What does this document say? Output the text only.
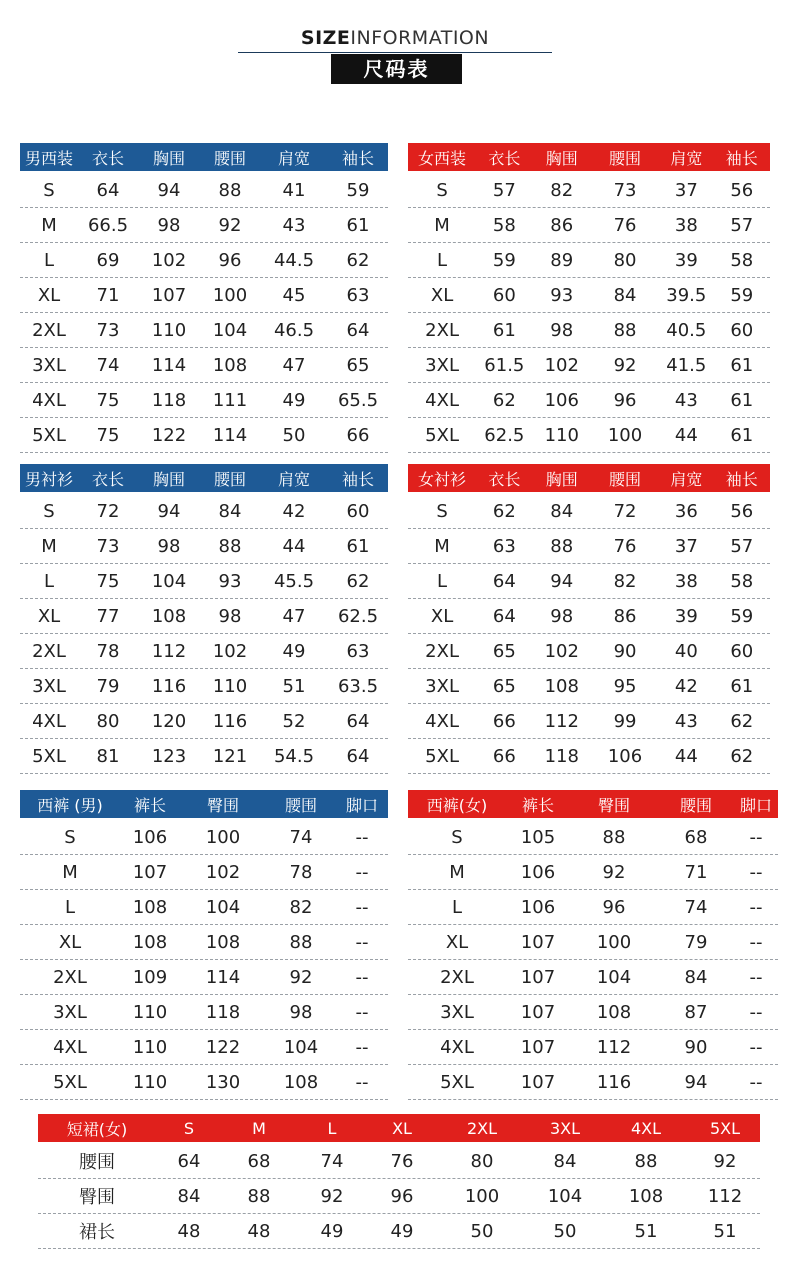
SIZEINFORMATION
尺码表
男西装	衣长	胸围	腰围	肩宽	袖长
S	64	94	88	41	59
M	66.5	98	92	43	61
L	69	102	96	44.5	62
XL	71	107	100	45	63
2XL	73	110	104	46.5	64
3XL	74	114	108	47	65
4XL	75	118	111	49	65.5
5XL	75	122	114	50	66
女西装	衣长	胸围	腰围	肩宽	袖长
S	57	82	73	37	56
M	58	86	76	38	57
L	59	89	80	39	58
XL	60	93	84	39.5	59
2XL	61	98	88	40.5	60
3XL	61.5	102	92	41.5	61
4XL	62	106	96	43	61
5XL	62.5	110	100	44	61
男衬衫	衣长	胸围	腰围	肩宽	袖长
S	72	94	84	42	60
M	73	98	88	44	61
L	75	104	93	45.5	62
XL	77	108	98	47	62.5
2XL	78	112	102	49	63
3XL	79	116	110	51	63.5
4XL	80	120	116	52	64
5XL	81	123	121	54.5	64
女衬衫	衣长	胸围	腰围	肩宽	袖长
S	62	84	72	36	56
M	63	88	76	37	57
L	64	94	82	38	58
XL	64	98	86	39	59
2XL	65	102	90	40	60
3XL	65	108	95	42	61
4XL	66	112	99	43	62
5XL	66	118	106	44	62
西裤 (男)	裤长	臀围	腰围	脚口
S	106	100	74	--
M	107	102	78	--
L	108	104	82	--
XL	108	108	88	--
2XL	109	114	92	--
3XL	110	118	98	--
4XL	110	122	104	--
5XL	110	130	108	--
西裤(女)	裤长	臀围	腰围	脚口
S	105	88	68	--
M	106	92	71	--
L	106	96	74	--
XL	107	100	79	--
2XL	107	104	84	--
3XL	107	108	87	--
4XL	107	112	90	--
5XL	107	116	94	--
短裙(女)	S	M	L	XL	2XL	3XL	4XL	5XL
腰围	64	68	74	76	80	84	88	92
臀围	84	88	92	96	100	104	108	112
裙长	48	48	49	49	50	50	51	51
